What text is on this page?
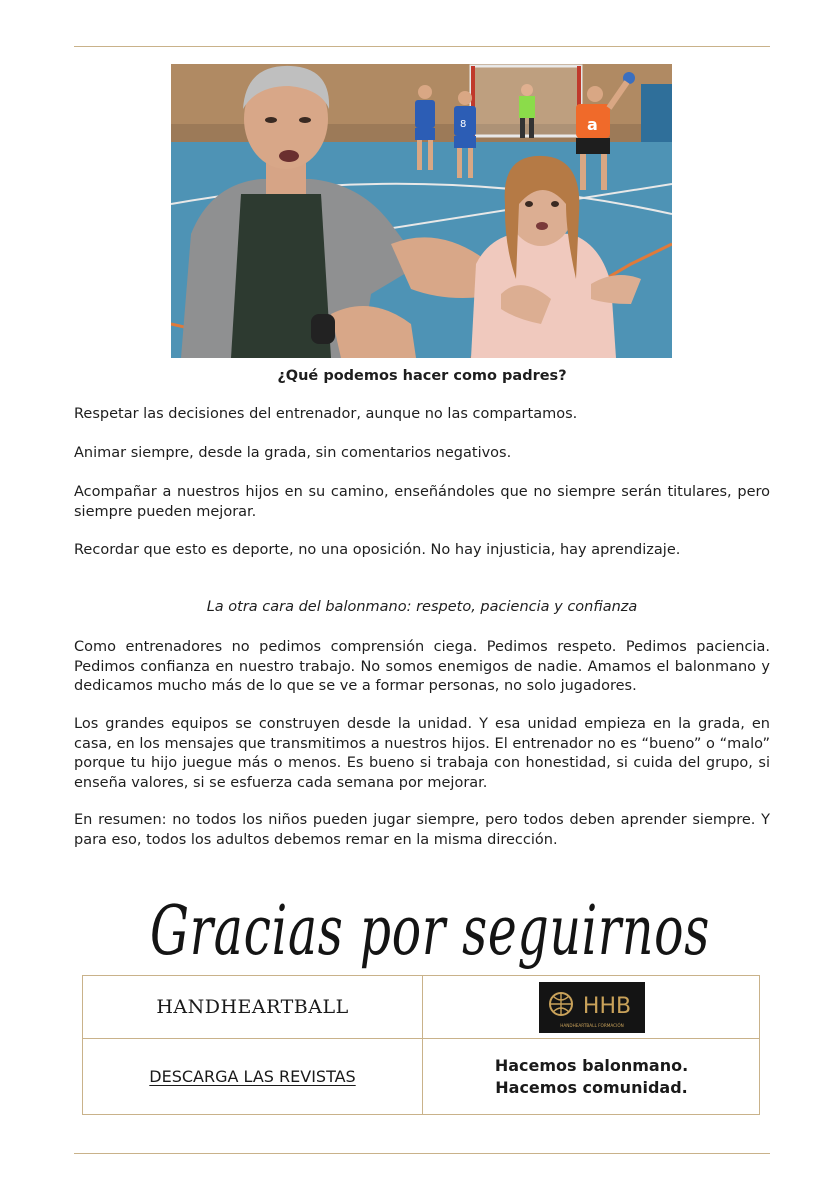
8	a
¿Qué podemos hacer como padres?

Respetar las decisiones del entrenador, aunque no las compartamos.

Animar siempre, desde la grada, sin comentarios negativos.

Acompañar a nuestros hijos en su camino, enseñándoles que no siempre serán titulares, pero siempre pueden mejorar.

Recordar que esto es deporte, no una oposición. No hay injusticia, hay aprendizaje.

La otra cara del balonmano: respeto, paciencia y confianza

Como entrenadores no pedimos comprensión ciega. Pedimos respeto. Pedimos paciencia. Pedimos confianza en nuestro trabajo. No somos enemigos de nadie. Amamos el balonmano y dedicamos mucho más de lo que se ve a formar personas, no solo jugadores.

Los grandes equipos se construyen desde la unidad. Y esa unidad empieza en la grada, en casa, en los mensajes que transmitimos a nuestros hijos. El entrenador no es “bueno” o “malo” porque tu hijo juegue más o menos. Es bueno si trabaja con honestidad, si cuida del grupo, si enseña valores, si se esfuerza cada semana por mejorar.

En resumen: no todos los niños pueden jugar siempre, pero todos deben aprender siempre. Y para eso, todos los adultos debemos remar en la misma dirección.

Gracias por seguirnos
HANDHEARTBALL	HHB
HANDHEARTBALL FORMACIÓN
DESCARGA LAS REVISTAS
Hacemos balonmano.
Hacemos comunidad.
